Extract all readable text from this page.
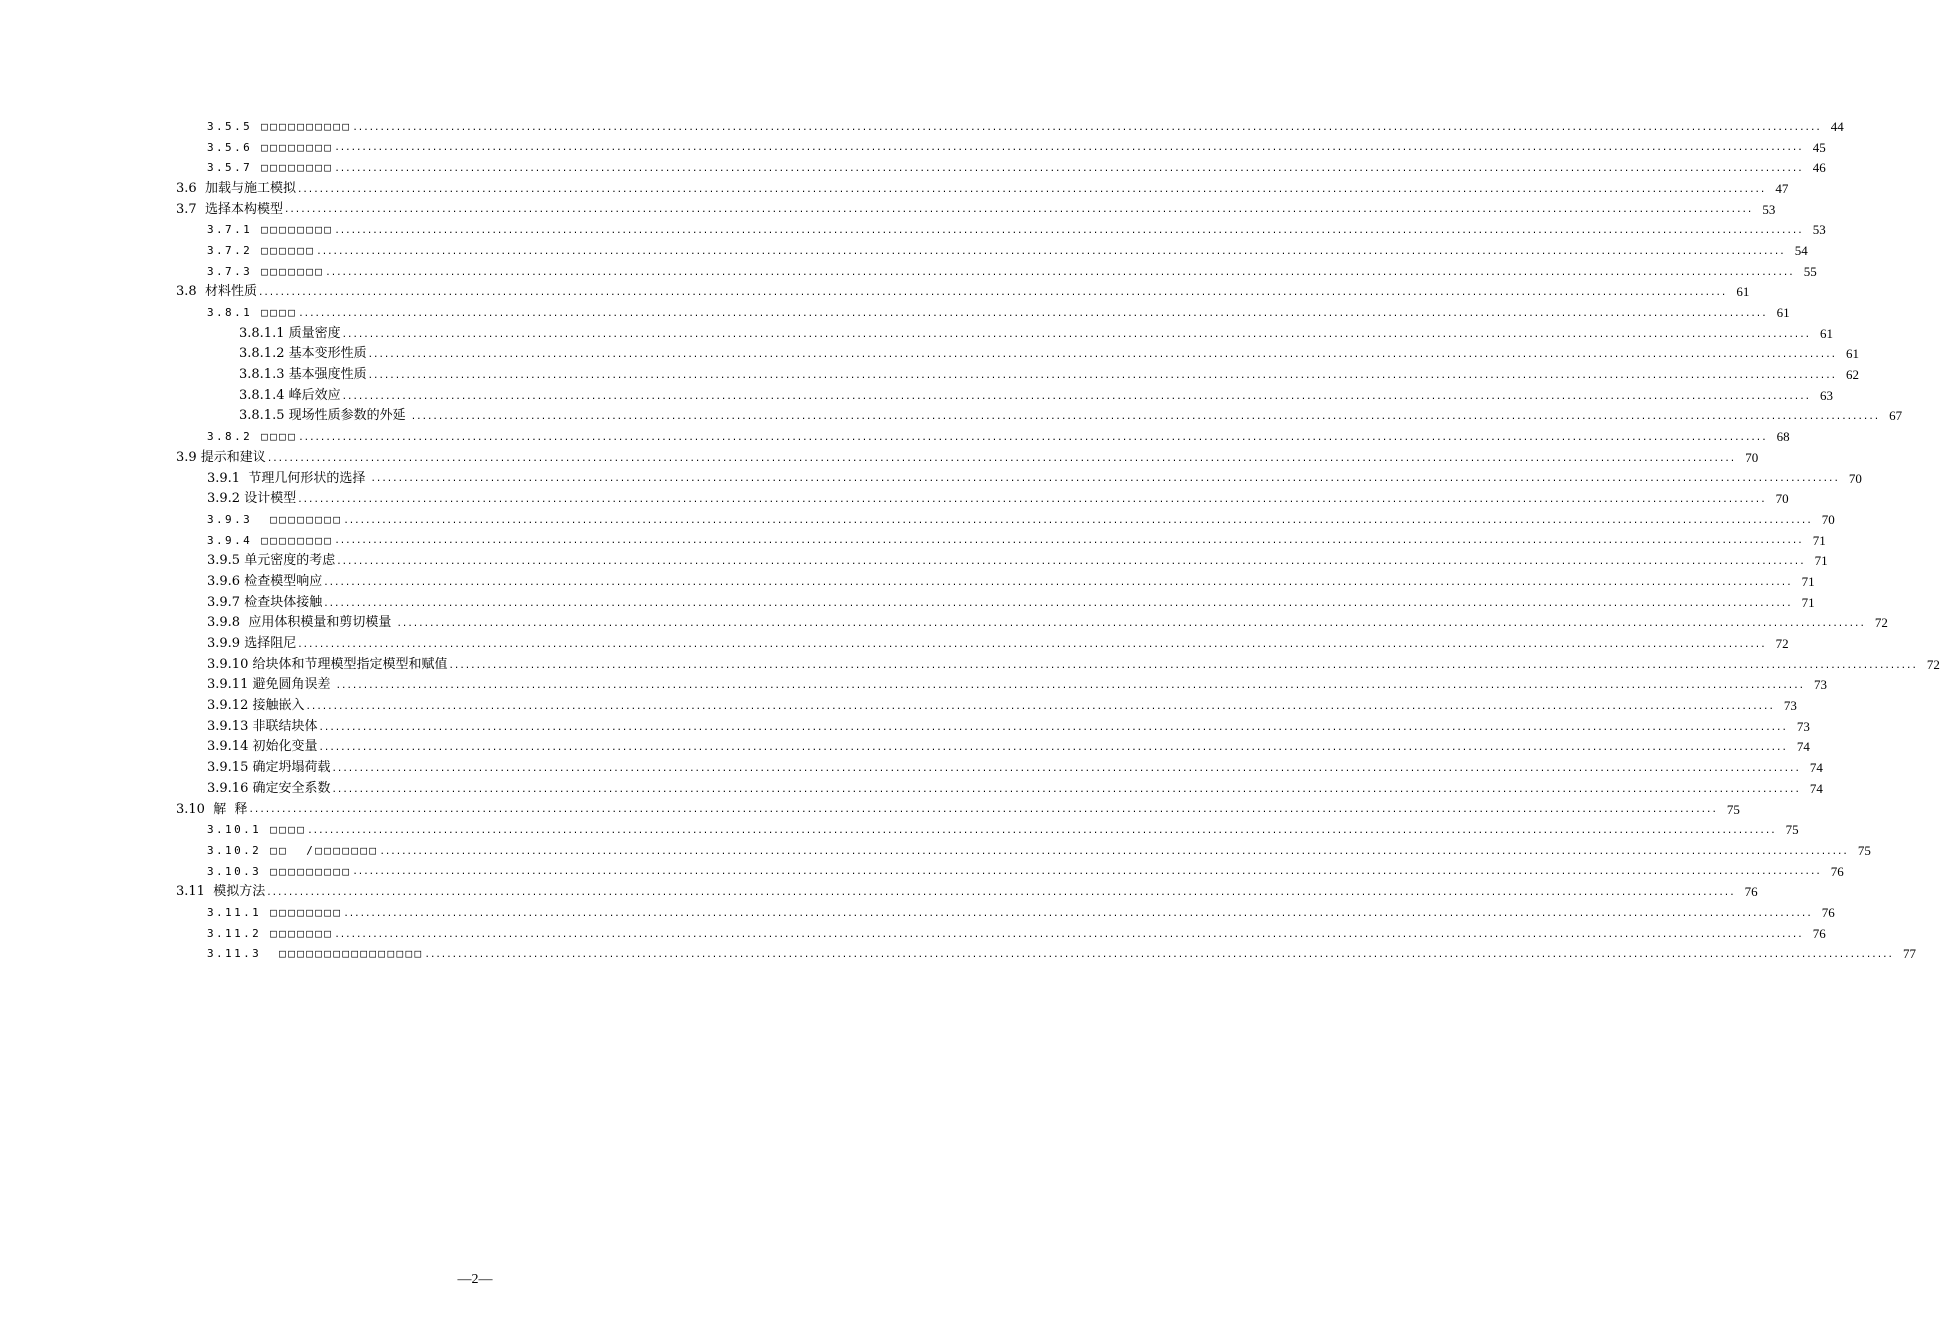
3.5.5 □□□□□□□□□□ ............................................................................................................................................................................................................................................................................... 44
3.5.6 □□□□□□□□ ............................................................................................................................................................................................................................................................................... 45
3.5.7 □□□□□□□□ ............................................................................................................................................................................................................................................................................... 46
3.6  加载与施工模拟 ............................................................................................................................................................................................................................................................................... 47
3.7  选择本构模型 ............................................................................................................................................................................................................................................................................... 53
3.7.1 □□□□□□□□ ............................................................................................................................................................................................................................................................................... 53
3.7.2 □□□□□□ ............................................................................................................................................................................................................................................................................... 54
3.7.3 □□□□□□□ ............................................................................................................................................................................................................................................................................... 55
3.8  材料性质 ............................................................................................................................................................................................................................................................................... 61
3.8.1 □□□□ ............................................................................................................................................................................................................................................................................... 61
3.8.1.1 质量密度 ............................................................................................................................................................................................................................................................................... 61
3.8.1.2 基本变形性质 ............................................................................................................................................................................................................................................................................... 61
3.8.1.3 基本强度性质 ............................................................................................................................................................................................................................................................................... 62
3.8.1.4 峰后效应 ............................................................................................................................................................................................................................................................................... 63
3.8.1.5 现场性质参数的外延 ............................................................................................................................................................................................................................................................................... 67
3.8.2 □□□□ ............................................................................................................................................................................................................................................................................... 68
3.9 提示和建议 ............................................................................................................................................................................................................................................................................... 70
3.9.1  节理几何形状的选择 ............................................................................................................................................................................................................................................................................... 70
3.9.2 设计模型 ............................................................................................................................................................................................................................................................................... 70
3.9.3  □□□□□□□□ ............................................................................................................................................................................................................................................................................... 70
3.9.4 □□□□□□□□ ............................................................................................................................................................................................................................................................................... 71
3.9.5 单元密度的考虑 ............................................................................................................................................................................................................................................................................... 71
3.9.6 检查模型响应 ............................................................................................................................................................................................................................................................................... 71
3.9.7 检查块体接触 ............................................................................................................................................................................................................................................................................... 71
3.9.8  应用体积模量和剪切模量 ............................................................................................................................................................................................................................................................................... 72
3.9.9 选择阻尼 ............................................................................................................................................................................................................................................................................... 72
3.9.10 给块体和节理模型指定模型和赋值 ............................................................................................................................................................................................................................................................................... 72
3.9.11 避免圆角误差 ............................................................................................................................................................................................................................................................................... 73
3.9.12 接触嵌入 ............................................................................................................................................................................................................................................................................... 73
3.9.13 非联结块体 ............................................................................................................................................................................................................................................................................... 73
3.9.14 初始化变量 ............................................................................................................................................................................................................................................................................... 74
3.9.15 确定坍塌荷载 ............................................................................................................................................................................................................................................................................... 74
3.9.16 确定安全系数 ............................................................................................................................................................................................................................................................................... 74
3.10  解  释 ............................................................................................................................................................................................................................................................................... 75
3.10.1 □□□□ ............................................................................................................................................................................................................................................................................... 75
3.10.2 □□  /□□□□□□□ ............................................................................................................................................................................................................................................................................... 75
3.10.3 □□□□□□□□□ ............................................................................................................................................................................................................................................................................... 76
3.11  模拟方法 ............................................................................................................................................................................................................................................................................... 76
3.11.1 □□□□□□□□ ............................................................................................................................................................................................................................................................................... 76
3.11.2 □□□□□□□ ............................................................................................................................................................................................................................................................................... 76
3.11.3  □□□□□□□□□□□□□□□□ ............................................................................................................................................................................................................................................................................... 77
—2—
